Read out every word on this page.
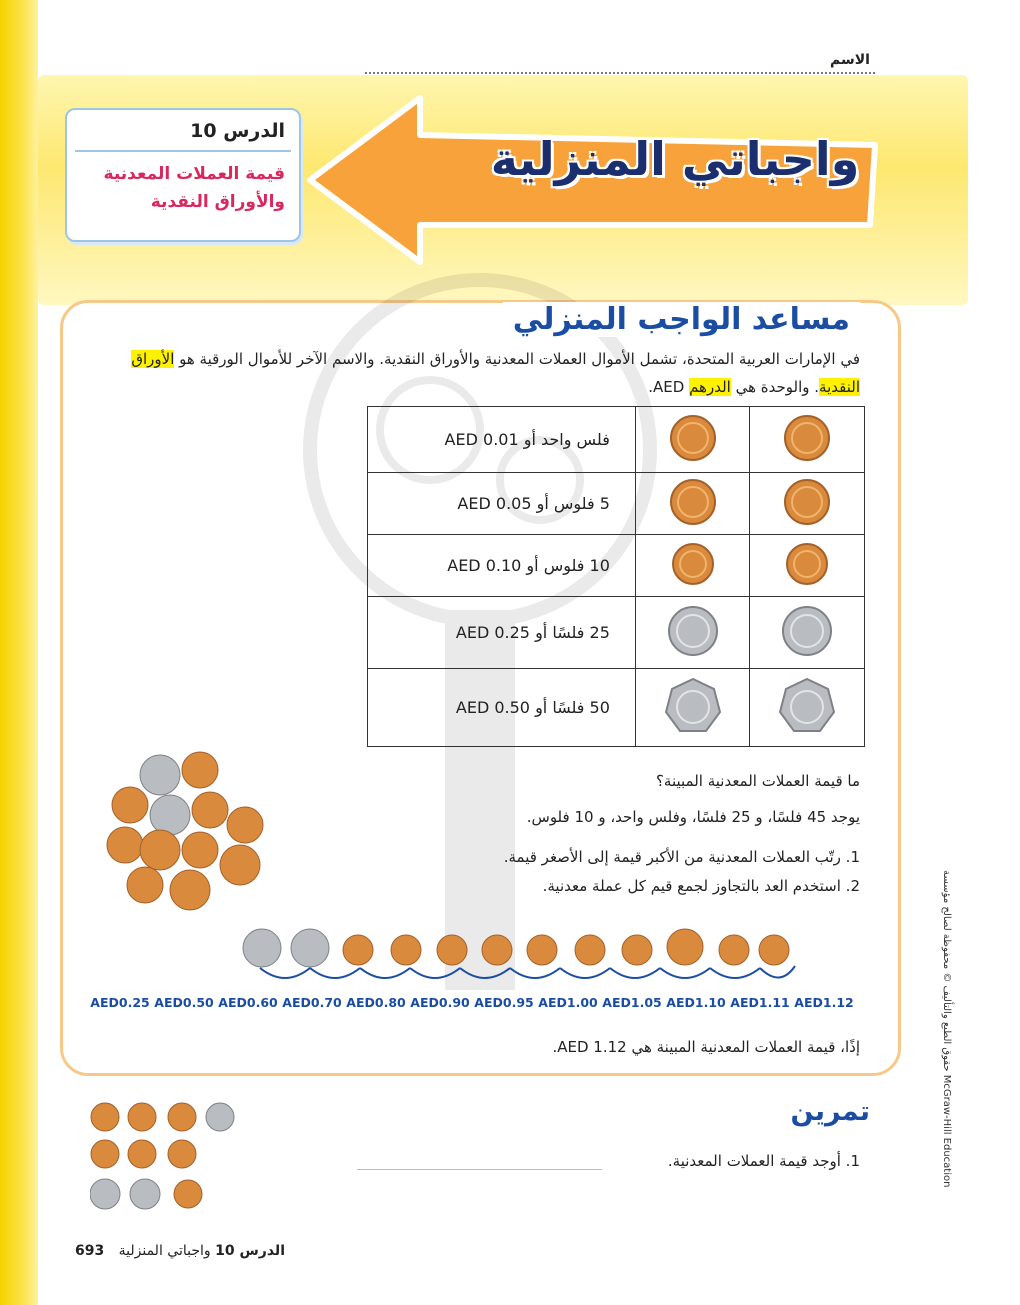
الاسم
واجباتي المنزلية
الدرس 10
قيمة العملات المعدنية
والأوراق النقدية
مساعد الواجب المنزلي
في الإمارات العربية المتحدة، تشمل الأموال العملات المعدنية والأوراق النقدية. والاسم الآخر للأموال الورقية هو الأوراق النقدية. والوحدة هي الدرهم AED.
فلس واحد أو AED 0.01		
5 فلوس أو AED 0.05		
10 فلوس أو AED 0.10		
25 فلسًا أو AED 0.25		
50 فلسًا أو AED 0.50		
ما قيمة العملات المعدنية المبينة؟
يوجد 45 فلسًا، و 25 فلسًا، وفلس واحد، و 10 فلوس.
1. رتّب العملات المعدنية من الأكبر قيمة إلى الأصغر قيمة.
2. استخدم العد بالتجاوز لجمع قيم كل عملة معدنية.
AED0.25 AED0.50 AED0.60 AED0.70 AED0.80 AED0.90 AED0.95 AED1.00 AED1.05 AED1.10 AED1.11 AED1.12
إذًا، قيمة العملات المعدنية المبينة هي AED 1.12.
تمرين
1. أوجد قيمة العملات المعدنية.
حقوق الطبع والتأليف © محفوظة لصالح مؤسسة McGraw-Hill Education
الدرس 10 واجباتي المنزلية
693
